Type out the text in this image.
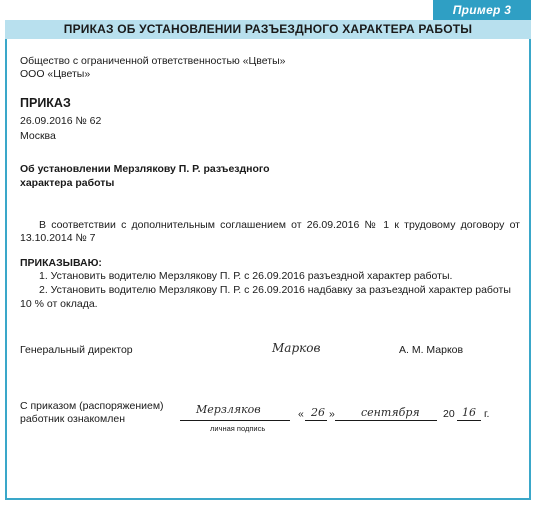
Пример 3
ПРИКАЗ ОБ УСТАНОВЛЕНИИ РАЗЪЕЗДНОГО ХАРАКТЕРА РАБОТЫ
Общество с ограниченной ответственностью «Цветы»
ООО «Цветы»
ПРИКАЗ
26.09.2016 № 62
Москва
Об установлении Мерзлякову П. Р. разъездного
характера работы
В соответствии с дополнительным соглашением от 26.09.2016 № 1 к трудовому договору от 13.10.2014 № 7
ПРИКАЗЫВАЮ:
1. Установить водителю Мерзлякову П. Р. с 26.09.2016 разъездной характер работы.
2. Установить водителю Мерзлякову П. Р. с 26.09.2016 надбавку за разъездной характер работы
10 % от оклада.
Генеральный директор	Марков	А. М. Марков
С приказом (распоряжением)
работник ознакомлен
Мерзляков
личная подпись
« 26 » сентября 20 16 г.
